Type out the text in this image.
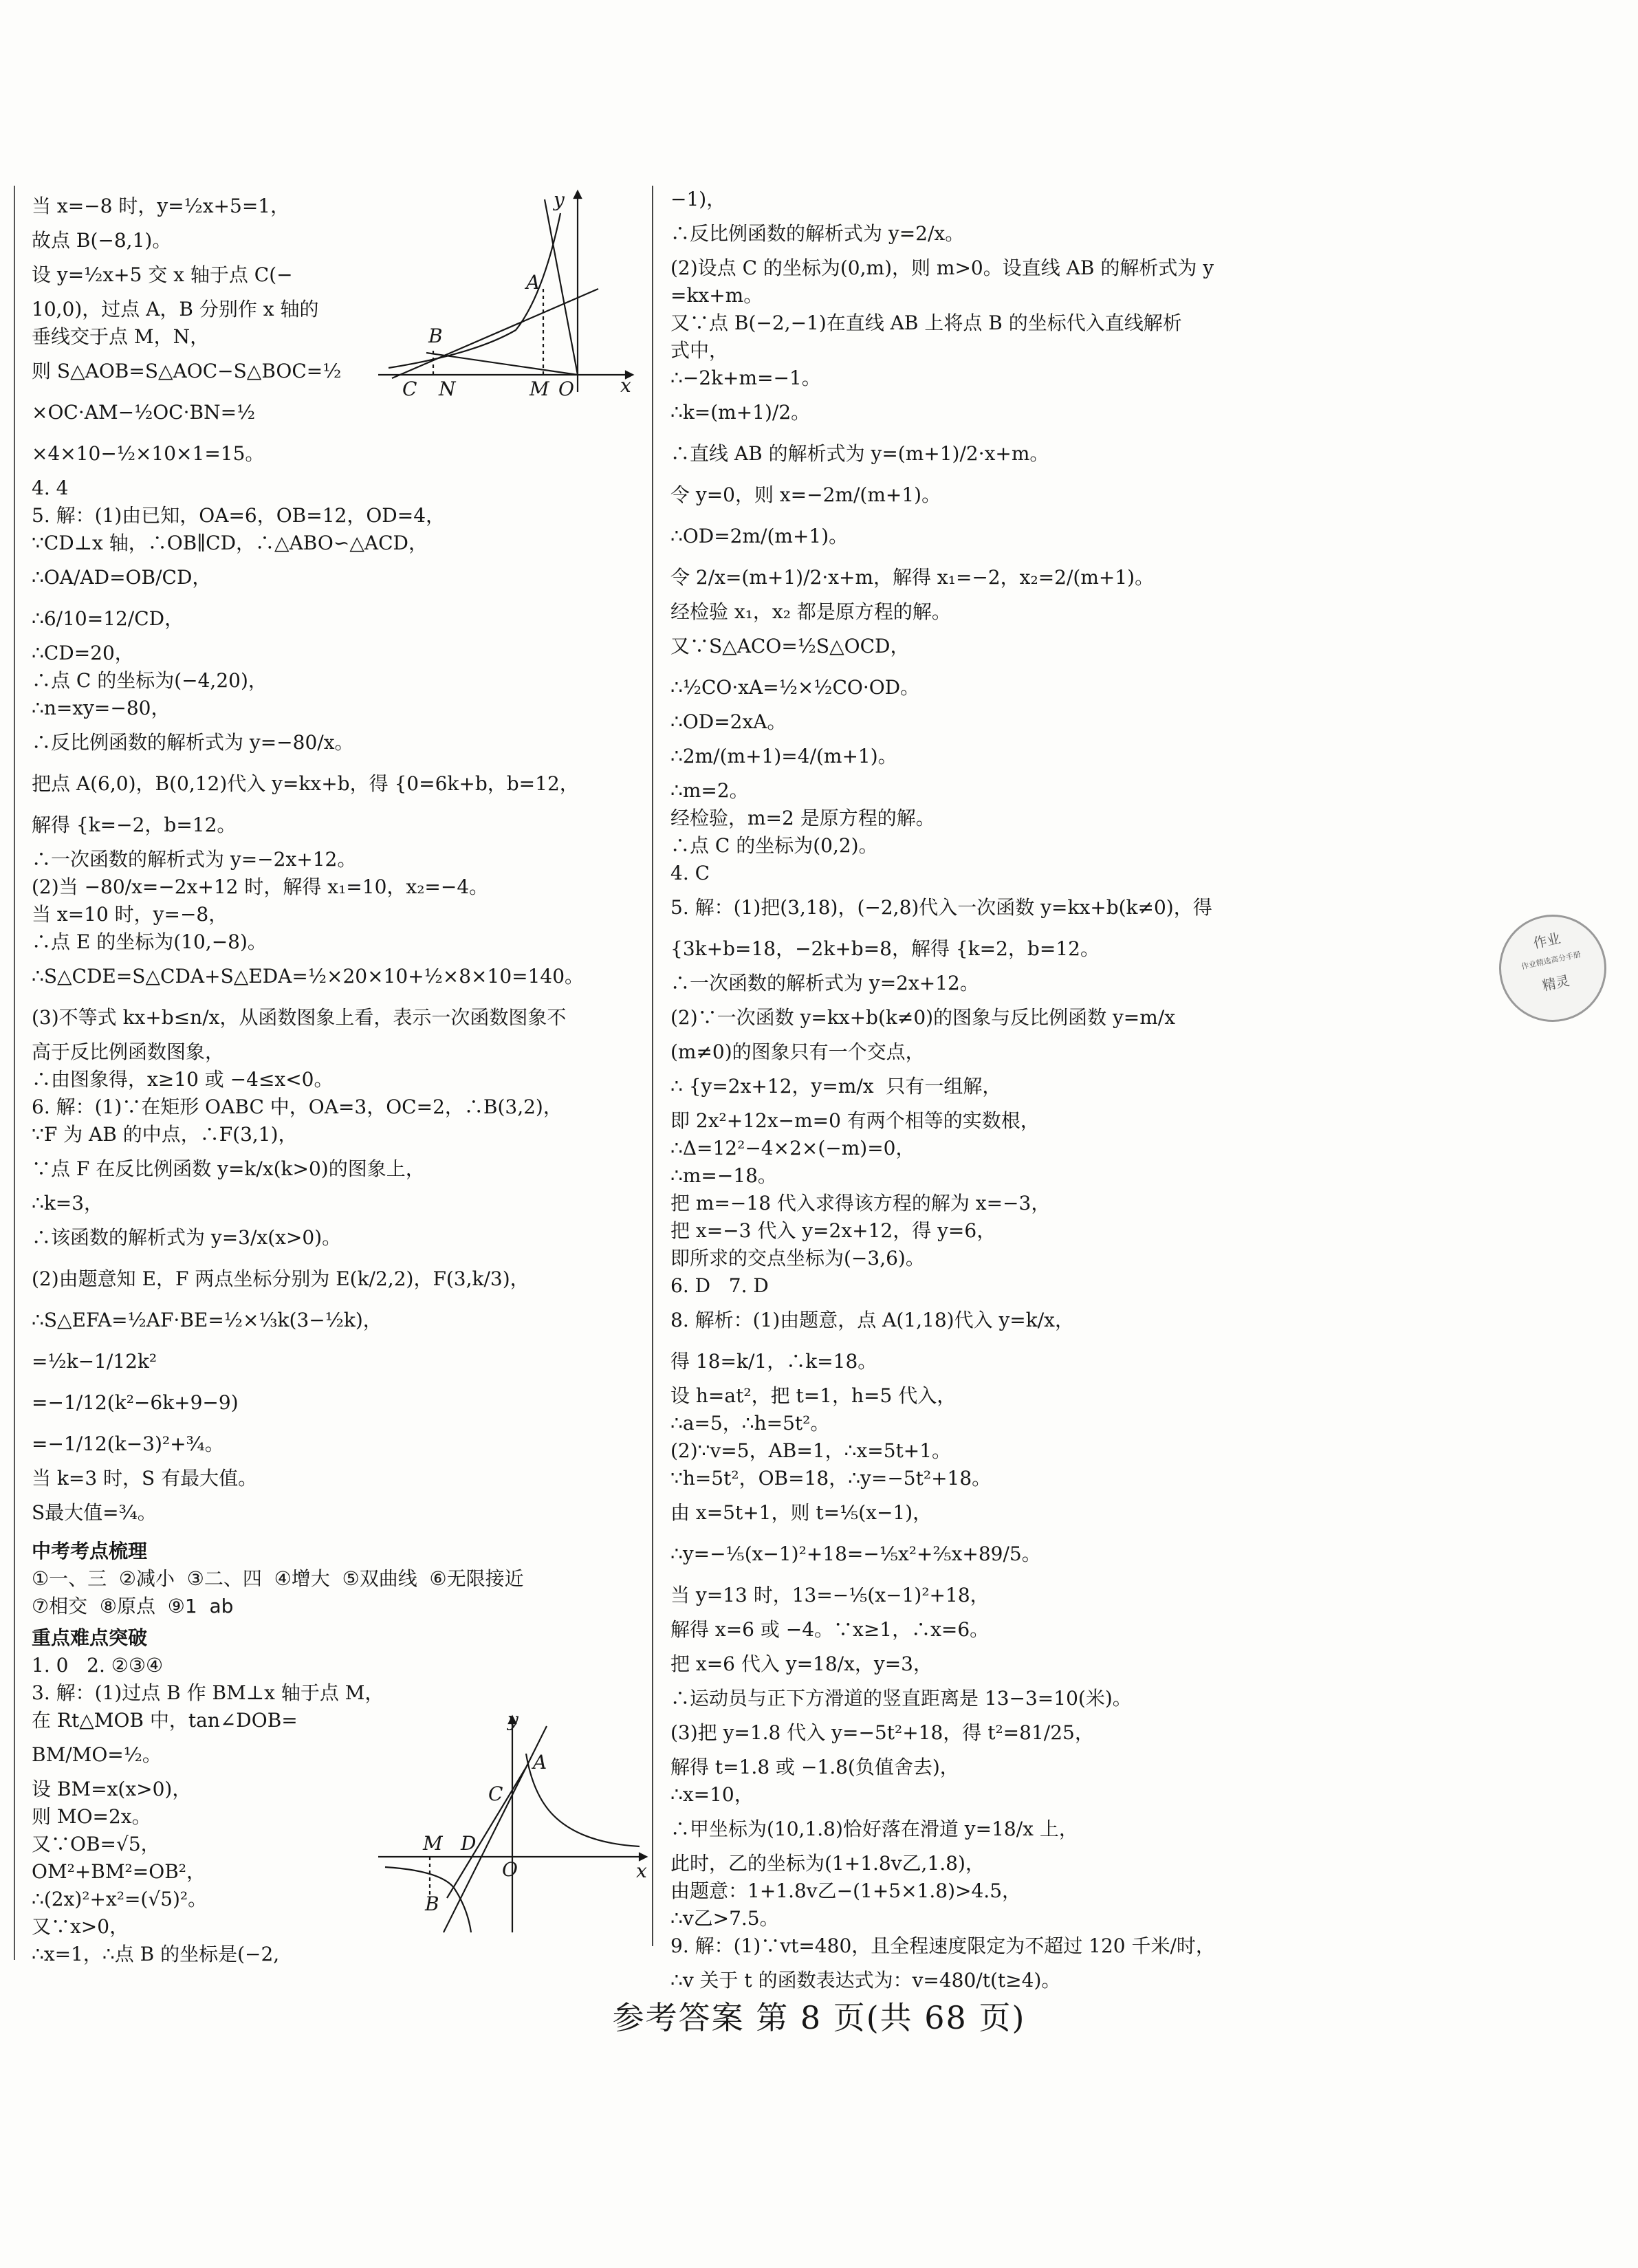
当 x=−8 时，y=½x+5=1，
故点 B(−8,1)。
设 y=½x+5 交 x 轴于点 C(−
10,0)，过点 A，B 分别作 x 轴的
垂线交于点 M，N，
则 S△AOB=S△AOC−S△BOC=½
×OC·AM−½OC·BN=½
×4×10−½×10×1=15。
4. 4
5. 解：(1)由已知，OA=6，OB=12，OD=4，
∵CD⊥x 轴，∴OB∥CD，∴△ABO∽△ACD，
∴OA/AD=OB/CD，
∴6/10=12/CD，
∴CD=20，
∴点 C 的坐标为(−4,20)，
∴n=xy=−80，
∴反比例函数的解析式为 y=−80/x。
把点 A(6,0)，B(0,12)代入 y=kx+b，得 {0=6k+b，b=12，
解得 {k=−2，b=12。
∴一次函数的解析式为 y=−2x+12。
(2)当 −80/x=−2x+12 时，解得 x₁=10，x₂=−4。
当 x=10 时，y=−8，
∴点 E 的坐标为(10,−8)。
∴S△CDE=S△CDA+S△EDA=½×20×10+½×8×10=140。
(3)不等式 kx+b≤n/x，从函数图象上看，表示一次函数图象不
高于反比例函数图象，
∴由图象得，x≥10 或 −4≤x<0。
6. 解：(1)∵在矩形 OABC 中，OA=3，OC=2，∴B(3,2)，
∵F 为 AB 的中点，∴F(3,1)，
∵点 F 在反比例函数 y=k/x(k>0)的图象上，
∴k=3，
∴该函数的解析式为 y=3/x(x>0)。
(2)由题意知 E，F 两点坐标分别为 E(k/2,2)，F(3,k/3)，
∴S△EFA=½AF·BE=½×⅓k(3−½k)，
=½k−1/12k²
=−1/12(k²−6k+9−9)
=−1/12(k−3)²+¾。
当 k=3 时，S 有最大值。
S最大值=¾。
中考考点梳理
①一、三  ②减小  ③二、四  ④增大  ⑤双曲线  ⑥无限接近
⑦相交  ⑧原点  ⑨1  ab
重点难点突破
1. 0   2. ②③④
3. 解：(1)过点 B 作 BM⊥x 轴于点 M，
在 Rt△MOB 中，tan∠DOB=
BM/MO=½。
设 BM=x(x>0)，
则 MO=2x。
又∵OB=√5，
OM²+BM²=OB²，
∴(2x)²+x²=(√5)²。
又∵x>0，
∴x=1，∴点 B 的坐标是(−2,
−1)，
∴反比例函数的解析式为 y=2/x。
(2)设点 C 的坐标为(0,m)，则 m>0。设直线 AB 的解析式为 y
=kx+m。
又∵点 B(−2,−1)在直线 AB 上将点 B 的坐标代入直线解析
式中，
∴−2k+m=−1。
∴k=(m+1)/2。
∴直线 AB 的解析式为 y=(m+1)/2·x+m。
令 y=0，则 x=−2m/(m+1)。
∴OD=2m/(m+1)。
令 2/x=(m+1)/2·x+m，解得 x₁=−2，x₂=2/(m+1)。
经检验 x₁，x₂ 都是原方程的解。
又∵S△ACO=½S△OCD，
∴½CO·xA=½×½CO·OD。
∴OD=2xA。
∴2m/(m+1)=4/(m+1)。
∴m=2。
经检验，m=2 是原方程的解。
∴点 C 的坐标为(0,2)。
4. C
5. 解：(1)把(3,18)，(−2,8)代入一次函数 y=kx+b(k≠0)，得
{3k+b=18，−2k+b=8，解得 {k=2，b=12。
∴一次函数的解析式为 y=2x+12。
(2)∵一次函数 y=kx+b(k≠0)的图象与反比例函数 y=m/x
(m≠0)的图象只有一个交点，
∴ {y=2x+12，y=m/x  只有一组解，
即 2x²+12x−m=0 有两个相等的实数根，
∴Δ=12²−4×2×(−m)=0，
∴m=−18。
把 m=−18 代入求得该方程的解为 x=−3，
把 x=−3 代入 y=2x+12，得 y=6，
即所求的交点坐标为(−3,6)。
6. D   7. D
8. 解析：(1)由题意，点 A(1,18)代入 y=k/x，
得 18=k/1，∴k=18。
设 h=at²，把 t=1，h=5 代入，
∴a=5，∴h=5t²。
(2)∵v=5，AB=1，∴x=5t+1。
∵h=5t²，OB=18，∴y=−5t²+18。
由 x=5t+1，则 t=⅕(x−1)，
∴y=−⅕(x−1)²+18=−⅕x²+⅖x+89/5。
当 y=13 时，13=−⅕(x−1)²+18，
解得 x=6 或 −4。∵x≥1，∴x=6。
把 x=6 代入 y=18/x，y=3，
∴运动员与正下方滑道的竖直距离是 13−3=10(米)。
(3)把 y=1.8 代入 y=−5t²+18，得 t²=81/25，
解得 t=1.8 或 −1.8(负值舍去)，
∴x=10，
∴甲坐标为(10,1.8)恰好落在滑道 y=18/x 上，
此时，乙的坐标为(1+1.8v乙,1.8)，
由题意：1+1.8v乙−(1+5×1.8)>4.5，
∴v乙>7.5。
9. 解：(1)∵vt=480，且全程速度限定为不超过 120 千米/时，
∴v 关于 t 的函数表达式为：v=480/t(t≥4)。
y
A
B
C N	M O x
y
A
C
M D
O	x
B
作业
作业精选高分手册
精灵
参考答案 第 8 页(共 68 页)
